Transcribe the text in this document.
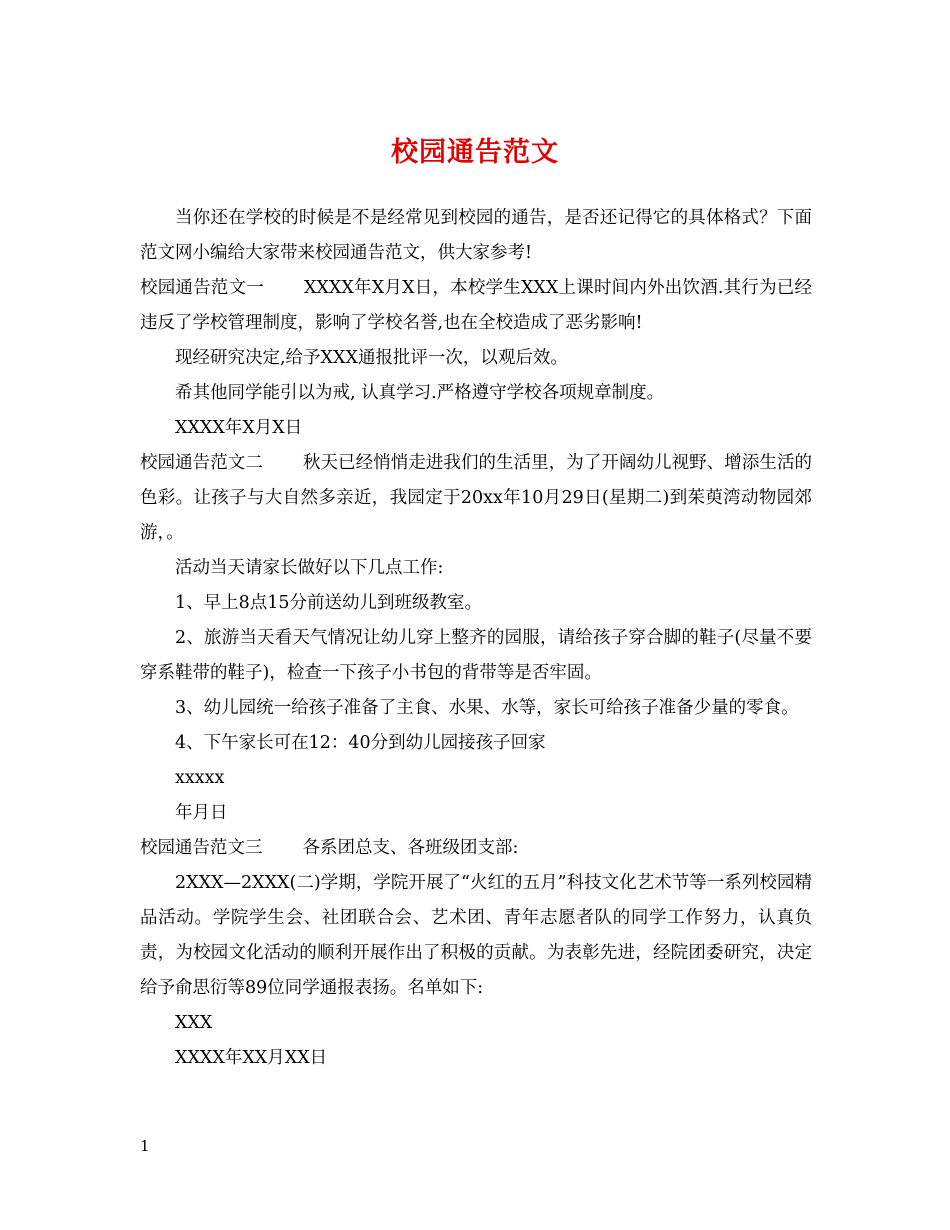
校园通告范文

当你还在学校的时候是不是经常见到校园的通告，是否还记得它的具体格式？下面范文网小编给大家带来校园通告范文，供大家参考!

校园通告范文一 XXXX年X月X日，本校学生XXX上课时间内外出饮酒.其行为已经违反了学校管理制度，影响了学校名誉,也在全校造成了恶劣影响!

现经研究决定,给予XXX通报批评一次，以观后效。

希其他同学能引以为戒, 认真学习.严格遵守学校各项规章制度。

XXXX年X月X日

校园通告范文二 秋天已经悄悄走进我们的生活里，为了开阔幼儿视野、增添生活的色彩。让孩子与大自然多亲近，我园定于20xx年10月29日(星期二)到茱萸湾动物园郊游，。

活动当天请家长做好以下几点工作:

1、早上8点15分前送幼儿到班级教室。

2、旅游当天看天气情况让幼儿穿上整齐的园服，请给孩子穿合脚的鞋子(尽量不要穿系鞋带的鞋子)，检查一下孩子小书包的背带等是否牢固。

3、幼儿园统一给孩子准备了主食、水果、水等，家长可给孩子准备少量的零食。

4、下午家长可在12：40分到幼儿园接孩子回家

xxxxx

年月日

校园通告范文三 各系团总支、各班级团支部:

2XXX—2XXX(二)学期，学院开展了“火红的五月”科技文化艺术节等一系列校园精品活动。学院学生会、社团联合会、艺术团、青年志愿者队的同学工作努力，认真负责，为校园文化活动的顺利开展作出了积极的贡献。为表彰先进，经院团委研究，决定给予俞思衍等89位同学通报表扬。名单如下:

XXX

XXXX年XX月XX日

1
